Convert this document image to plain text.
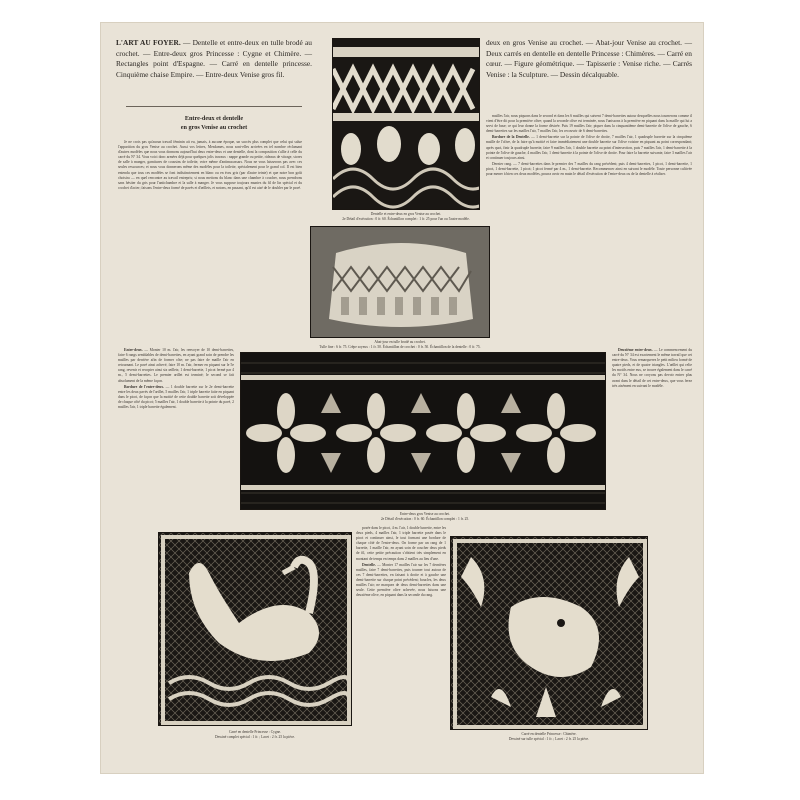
L'ART AU FOYER. — Dentelle et entre-deux en tulle brodé au crochet. — Entre-deux gros Princesse : Cygne et Chimère. — Rectangles point d'Espagne. — Carré en dentelle princesse. Cinquième chaise Empire. — Entre-deux Venise gros fil.
deux en gros Venise au crochet. — Abat-jour Venise au crochet. — Deux carrés en dentelle en dentelle Princesse : Chimères. — Carré en cœur. — Figure géométrique. — Tapisserie : Venise riche. — Carrés Venise : la Sculpture. — Dessin décalquable.
Entre-deux et dentelle
en gros Venise au crochet
Dentelle et entre-deux en gros Venise au crochet.
2e Détail d'exécution : 0 fr. 60. Échantillon complet : 1 fr. 25 pour l'un ou l'autre modèle.
Abat-jour en tulle brodé au crochet.
Tulle fine : 6 fr. 75. Crêpe soyeux : 1 fr. 50. Échantillon de crochet : 0 fr. 50. Échantillon de la dentelle : 0 fr. 75.

Je ne crois pas qu'aucun travail féminin ait eu, jamais, à aucune époque, un succès plus complet que celui qui salue l'apparition du gros Venise au crochet. Aussi vos lettres, Mesdames, nous sont-elles arrivées en tel nombre réclamant d'autres modèles que nous vous donnons aujourd'hui deux entre-deux et une dentelle, dont la composition s'allie à celle du carré du N° 34. Vous voici donc armées déjà pour quelques jolis travaux : nappe grande ou petite, rideaux de vitrage, stores de salle à manger, garnitures de coussins de toilette, voire même d'antimacassars. Nous ne vous laisserons pas avec ces seules ressources; et nous vous donnerons même des modèles pour la toilette, spécialement pour le grand col. Il est bien entendu que tous ces modèles se font indistinctement en blanc ou en écru gris (par d'autre teinte) et que notre bon goût choisira — en quel rencontre au travail entrepris; si nous mettons du blanc dans une chambre à coucher, nous prendrons sans hésiter du gris pour l'antichambre et la salle à manger. Je vous suppose toujours munies du fil de lin spécial et du crochet d'acier; faisons l'entre-deux formé de pavés et d'œillets, et notons, en passant, qu'il est aisé de le doubler par le pavé.

Entre-deux. — Monter 10 m. l'air, les renvoyer de 10 demi-barrettes, faire 6 rangs semblables de demi-barrettes, en ayant grand soin de prendre les mailles par derrière afin de former côte; ne pas faire de maille l'air en retournant. Le pavé ainsi achevé, faire 10 m. l'air, fermer en piquant sur le 5e rang, revenir et recopier ainsi six œillets; 1 demi-barrette, 1 picot fermé par 4 m., 5 demi-barrettes. Le premier œillet est terminé; le second se fait absolument de la même façon.

Bordure de l'entre-deux. — 1 double barrette sur le 2e demi-barrette entre les deux pavés de l'œillet, 5 mailles l'air, 1 triple barrette faite en piquant dans le picot, de façon que la moitié de cette double barrette soit développée de chaque côté du picot; 5 mailles l'air, 1 double barrette à la pointe du pavé, 2 mailles l'air, 1 triple barrette également.

mailles l'air, nous piquons dans le second et dans les 6 mailles qui suivent 7 demi-barrettes autour desquelles nous tournerons comme il vient d'être dit pour la première olive; quand la seconde olive est terminée, nous l'unissons à la première en piquant dans la maille qui lui a servi de base; ce qui leur donne la forme désirée. Puis 19 mailles l'air; piquer dans la cinquantième demi-barrette de l'olive de gauche, 6 demi-barrettes sur les mailles l'air, 7 mailles l'air, les recouvrir de 6 demi-barrettes.

Bordure de la Dentelle. — 1 demi-barrette sur la pointe de l'olive de droite, 7 mailles l'air, 1 quadruple barrette sur la cinquième maille de l'olive, de la faire qu'à moitié et faire immédiatement une double barrette sur l'olive voisine en piquant au point correspondant; après quoi, finir la quadruple barrette, faire 9 mailles l'air, 1 double barrette au point d'intersection, puis 7 mailles l'air, 1 demi-barrette à la pointe de l'olive de gauche, 4 mailles l'air, 1 demi-barrette à la pointe de l'olive de droite. Pour faire la barrette suivante, faire 3 mailles l'air et continuer toujours ainsi.

Dernier rang. — 7 demi-barrettes dans le premier des 7 mailles du rang précédent; puis 4 demi-barrettes, 1 picot, 1 demi-barrette, 1 picot, 1 demi-barrette, 1 picot; 1 picot fermé par 4 m., 1 demi-barrette. Recommencer ainsi en suivant le modèle. Toute personne cultivée pour mener à bien ces deux modèles, pourra avoir en main le détail d'exécution de l'entre-deux ou de la dentelle à réaliser.

Deuxième entre-deux. — Le commencement du carré du N° 34 est exactement le même travail que cet entre-deux. Vous remarquerez le petit milieu formé de quatre pieds, et de quatre triangles. L'œillet qui relie les motifs entre eux, se trouve également dans le carré du N° 34. Nous ne croyons pas devoir entrer plus avant dans le détail de cet entre-deux, que vous ferez très aisément en suivant le modèle.

Entre-deux gros Venise au crochet.
2e Détail d'exécution : 0 fr. 60. Échantillon complet : 1 fr. 25.
Carré en dentelle Princesse : Cygne.
Dessiné complet spécial : 1 fr. ; Lacet : 2 fr. 25 la pièce.

posée dans le picot, 4 m. l'air, 1 double barrette, entre les deux pieds, 4 mailles l'air, 1 triple barrette posée dans le picot et continuer ainsi, le tout formant une bordure de chaque côté de l'entre-deux. On forme par un rang de 1 barrette, 1 maille l'air, en ayant soin de coucher deux pieds de fil, cette petite précaution s'obtient très simplement en montant de temps en temps dans 2 mailles au lieu d'une.

Dentelle. — Monter 17 mailles l'air sur les 7 dernières mailles, faire 7 demi-barrettes, puis tourner tout autour de ces 7 demi-barrettes, en faisant à droite et à gauche une demi-barrette sur chaque point précédent; bouclez, les deux mailles l'air; ne marquez de deux demi-barrettes dans une seule. Cette première olive achevée, nous faisons une deuxième olive, en piquant dans la seconde du rang.

Carré en dentelle Princesse : Chimère.
Dessiné sur tulle spécial : 1 fr. ; Lacet : 2 fr. 25 la pièce.
